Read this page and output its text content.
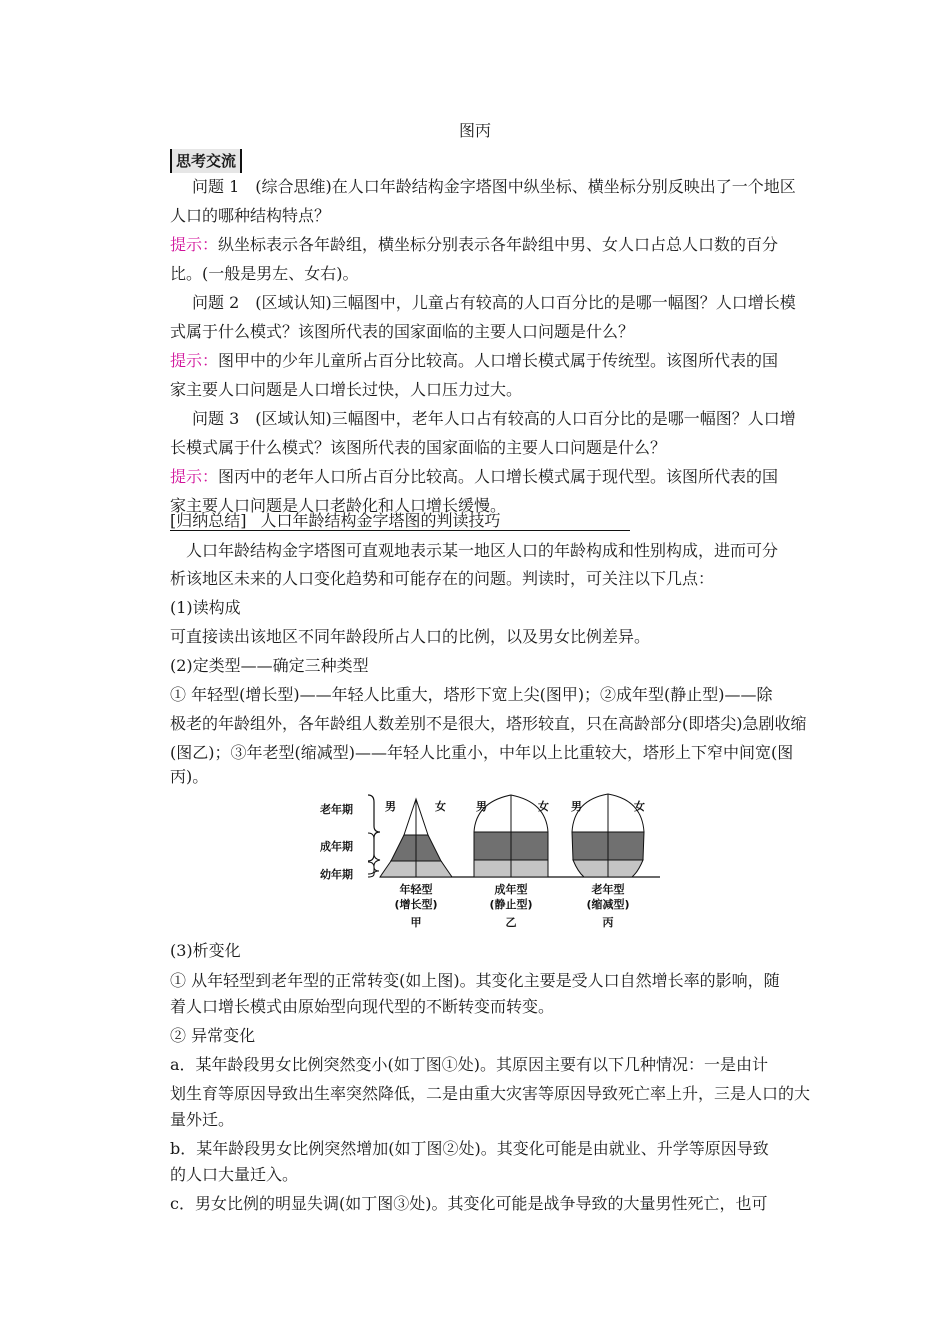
图丙
思考交流
问题 1　(综合思维)在人口年龄结构金字塔图中纵坐标、横坐标分别反映出了一个地区
人口的哪种结构特点？
提示：纵坐标表示各年龄组，横坐标分别表示各年龄组中男、女人口占总人口数的百分
比。(一般是男左、女右)。
问题 2　(区域认知)三幅图中，儿童占有较高的人口百分比的是哪一幅图？人口增长模
式属于什么模式？该图所代表的国家面临的主要人口问题是什么？
提示：图甲中的少年儿童所占百分比较高。人口增长模式属于传统型。该图所代表的国
家主要人口问题是人口增长过快，人口压力过大。
问题 3　(区域认知)三幅图中，老年人口占有较高的人口百分比的是哪一幅图？人口增
长模式属于什么模式？该图所代表的国家面临的主要人口问题是什么？
提示：图丙中的老年人口所占百分比较高。人口增长模式属于现代型。该图所代表的国
家主要人口问题是人口老龄化和人口增长缓慢。
[归纳总结] 人口年龄结构金字塔图的判读技巧
人口年龄结构金字塔图可直观地表示某一地区人口的年龄构成和性别构成，进而可分
析该地区未来的人口变化趋势和可能存在的问题。判读时，可关注以下几点：
(1)读构成
可直接读出该地区不同年龄段所占人口的比例，以及男女比例差异。
(2)定类型——确定三种类型
① 年轻型(增长型)——年轻人比重大，塔形下宽上尖(图甲)；②成年型(静止型)——除
极老的年龄组外，各年龄组人数差别不是很大，塔形较直，只在高龄部分(即塔尖)急剧收缩
(图乙)；③年老型(缩减型)——年轻人比重小，中年以上比重较大，塔形上下窄中间宽(图
丙)。
老年期
成年期
幼年期
男	女	男	女 男	女
年轻型
(增长型)
甲
成年型
(静止型)
乙
老年型
(缩减型)
丙
(3)析变化
① 从年轻型到老年型的正常转变(如上图)。其变化主要是受人口自然增长率的影响，随
着人口增长模式由原始型向现代型的不断转变而转变。
② 异常变化
a．某年龄段男女比例突然变小(如丁图①处)。其原因主要有以下几种情况：一是由计
划生育等原因导致出生率突然降低，二是由重大灾害等原因导致死亡率上升，三是人口的大
量外迁。
b．某年龄段男女比例突然增加(如丁图②处)。其变化可能是由就业、升学等原因导致
的人口大量迁入。
c．男女比例的明显失调(如丁图③处)。其变化可能是战争导致的大量男性死亡，也可
